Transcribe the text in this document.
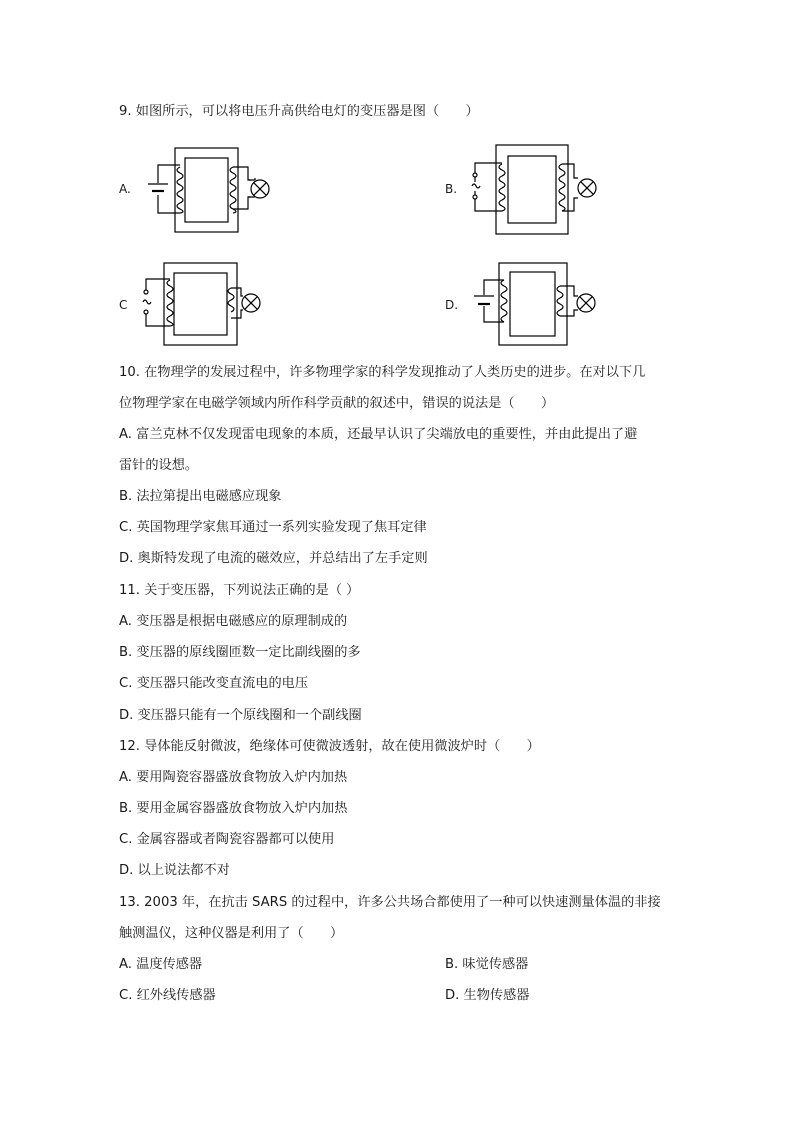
9. 如图所示，可以将电压升高供给电灯的变压器是图（　　）
A.	B.
C	D.
10. 在物理学的发展过程中，许多物理学家的科学发现推动了人类历史的进步。在对以下几
位物理学家在电磁学领域内所作科学贡献的叙述中，错误的说法是（　　）
A. 富兰克林不仅发现雷电现象的本质，还最早认识了尖端放电的重要性，并由此提出了避
雷针的设想。
B. 法拉第提出电磁感应现象
C. 英国物理学家焦耳通过一系列实验发现了焦耳定律
D. 奥斯特发现了电流的磁效应，并总结出了左手定则
11. 关于变压器，下列说法正确的是（ ）
A. 变压器是根据电磁感应的原理制成的
B. 变压器的原线圈匝数一定比副线圈的多
C. 变压器只能改变直流电的电压
D. 变压器只能有一个原线圈和一个副线圈
12. 导体能反射微波，绝缘体可使微波透射，故在使用微波炉时（　　）
A. 要用陶瓷容器盛放食物放入炉内加热
B. 要用金属容器盛放食物放入炉内加热
C. 金属容器或者陶瓷容器都可以使用
D. 以上说法都不对
13. 2003 年，在抗击 SARS 的过程中，许多公共场合都使用了一种可以快速测量体温的非接
触测温仪，这种仪器是利用了（　　）
A. 温度传感器	B. 味觉传感器
C. 红外线传感器	D. 生物传感器
